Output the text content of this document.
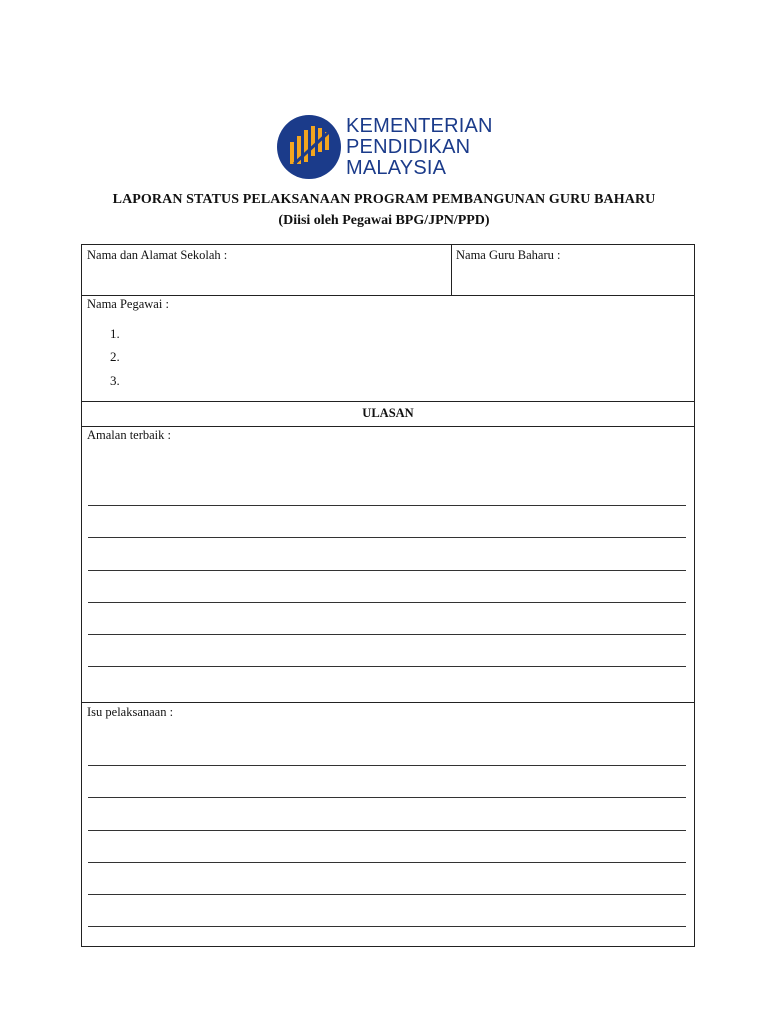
KEMENTERIAN
PENDIDIKAN
MALAYSIA
LAPORAN STATUS PELAKSANAAN PROGRAM PEMBANGUNAN GURU BAHARU
(Diisi oleh Pegawai BPG/JPN/PPD)
Nama dan Alamat Sekolah :	Nama Guru Baharu :
Nama Pegawai :
1.
2.
3.
ULASAN
Amalan terbaik :
Isu pelaksanaan :
